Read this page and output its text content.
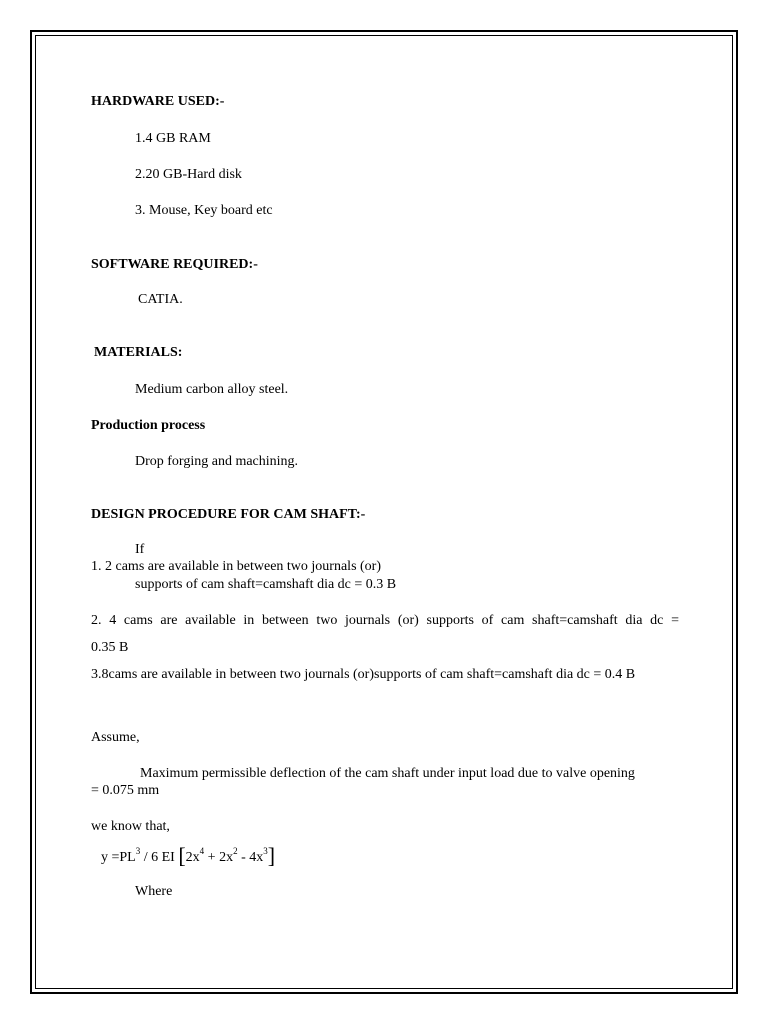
HARDWARE USED:-
1.4 GB RAM
2.20 GB-Hard disk
3. Mouse, Key board etc
SOFTWARE REQUIRED:-
CATIA.
MATERIALS:
Medium carbon alloy steel.
Production process
Drop forging and machining.
DESIGN PROCEDURE FOR CAM SHAFT:-
If
1. 2 cams are available in between two journals (or)
supports of cam shaft=camshaft dia dc = 0.3 B
2. 4 cams are available in between two journals (or) supports of cam shaft=camshaft dia dc =
0.35 B
3.8cams are available in between two journals (or)supports of cam shaft=camshaft dia dc = 0.4 B
Assume,
Maximum permissible deflection of the cam shaft under input load due to valve opening
= 0.075 mm
we know that,
$y =PL^3 / 6$ EI $[2x^4 + 2x^2 - 4x^3]$
Where
